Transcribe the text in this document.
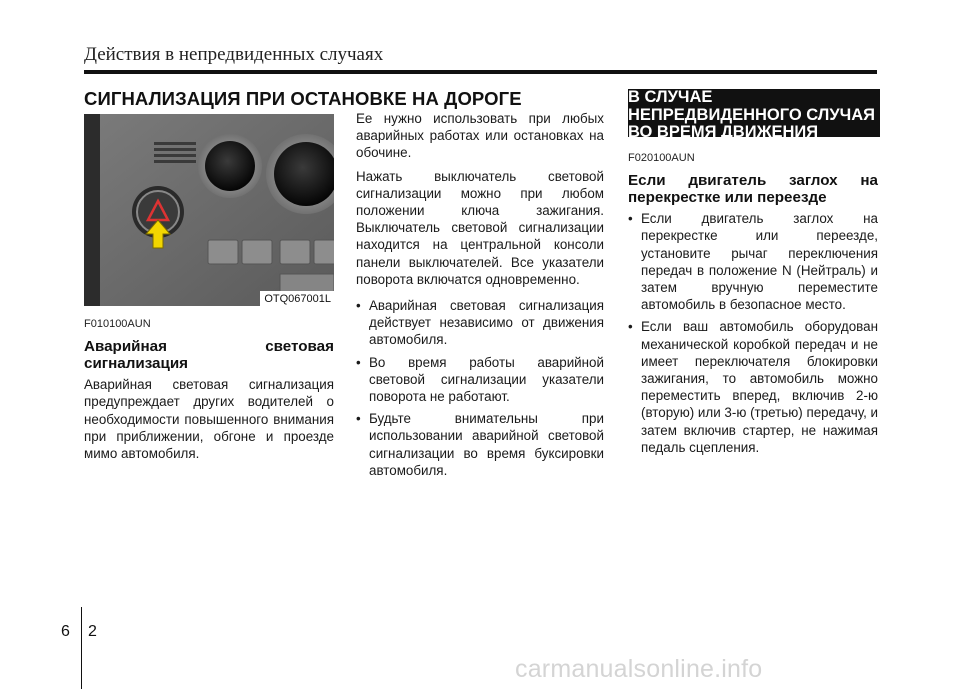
Действия в непредвиденных случаях
СИГНАЛИЗАЦИЯ ПРИ ОСТАНОВКЕ НА ДОРОГЕ	В СЛУЧАЕ
НЕПРЕДВИДЕННОГО СЛУЧАЯ
ВО ВРЕМЯ ДВИЖЕНИЯ
OTQ067001L
F010100AUN
Аварийная световая сигнализация

Аварийная световая сигнализация предупреждает других водителей о необходимости повышенного внимания при приближении, обгоне и проезде мимо автомобиля.

Ее нужно использовать при любых аварийных работах или остановках на обочине.

Нажать выключатель световой сигнализации можно при любом положении ключа зажигания. Выключатель световой сигнализации находится на центральной консоли панели выключателей. Все указатели поворота включатся одновременно.

• Аварийная световая сигнализация действует независимо от движения автомобиля.
• Во время работы аварийной световой сигнализации указатели поворота не работают.
• Будьте внимательны при использовании аварийной световой сигнализации во время буксировки автомобиля.
F020100AUN
Если двигатель заглох на перекрестке или переезде
• Если двигатель заглох на перекрестке или переезде, установите рычаг переключения передач в положение N (Нейтраль) и затем вручную переместите автомобиль в безопасное место.
• Если ваш автомобиль оборудован механической коробкой передач и не имеет переключателя блокировки зажигания, то автомобиль можно переместить вперед, включив 2-ю (вторую) или 3-ю (третью) передачу, и затем включив стартер, не нажимая педаль сцепления.
6 2
carmanualsonline.info
